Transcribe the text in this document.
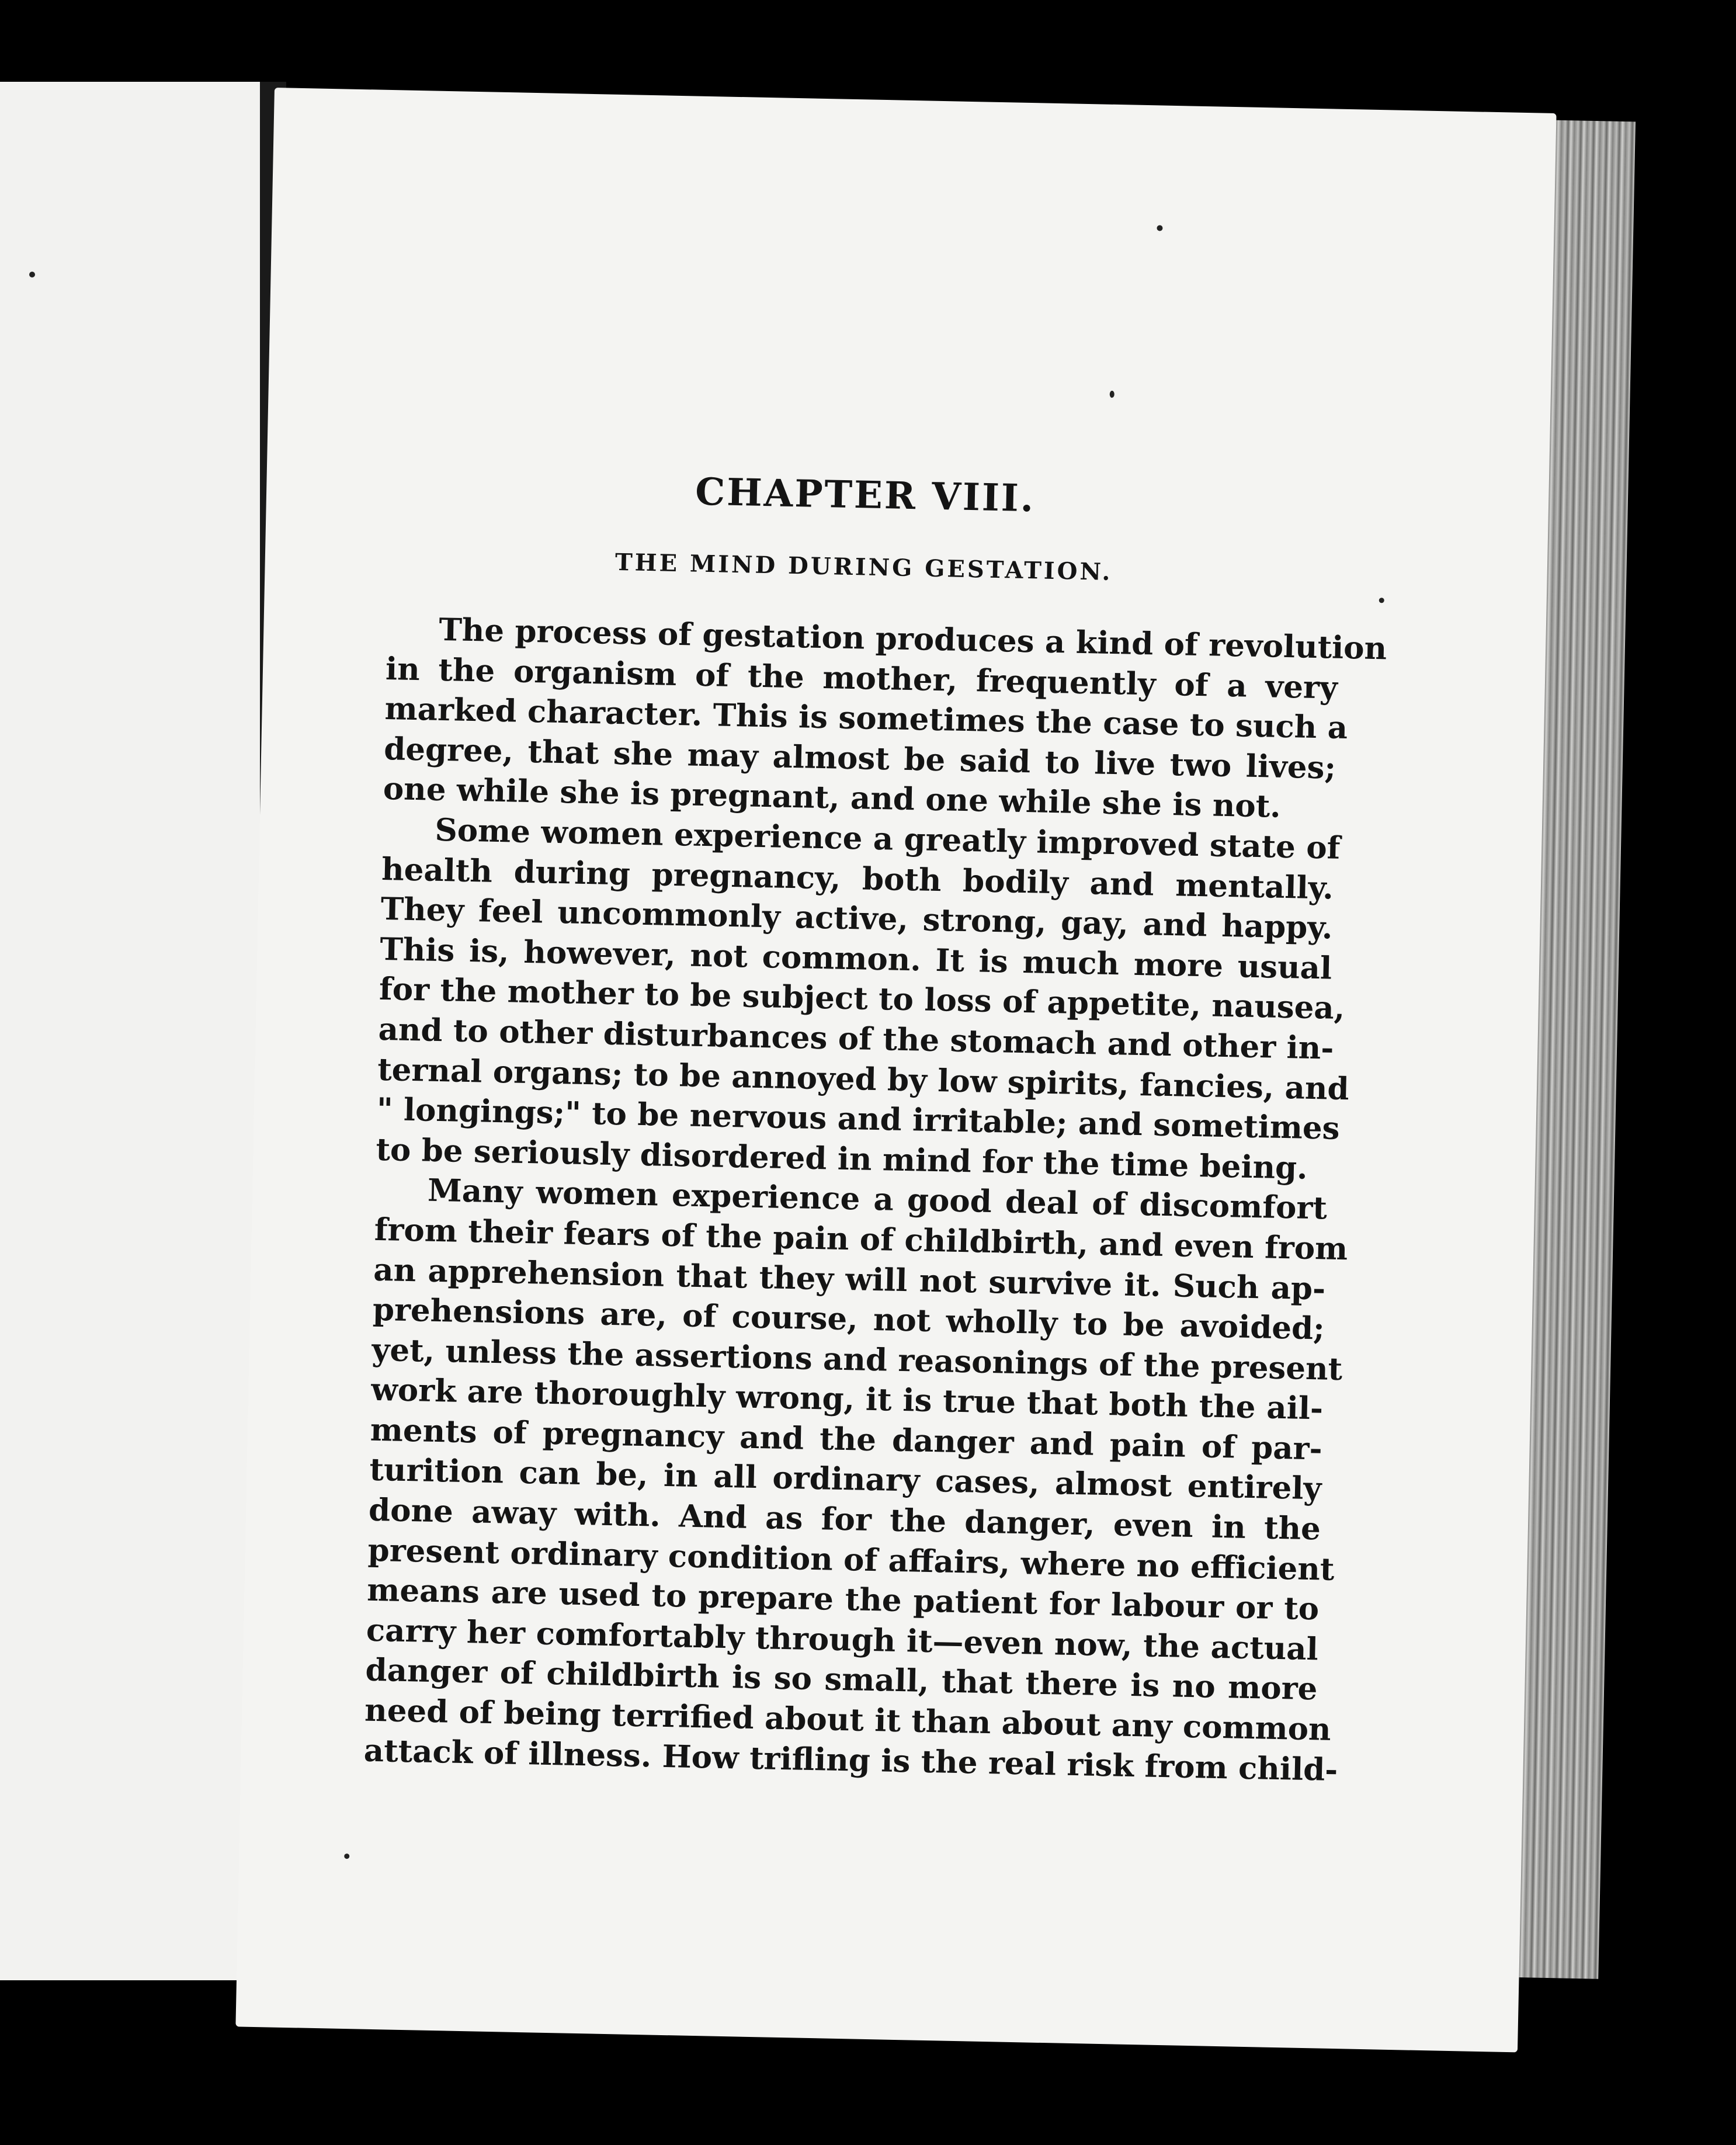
CHAPTER VIII.
THE MIND DURING GESTATION.

The process of gestation produces a kind of revolution
in the organism of the mother, frequently of a very
marked character. This is sometimes the case to such a
degree, that she may almost be said to live two lives;
one while she is pregnant, and one while she is not.

Some women experience a greatly improved state of
health during pregnancy, both bodily and mentally.
They feel uncommonly active, strong, gay, and happy.
This is, however, not common. It is much more usual
for the mother to be subject to loss of appetite, nausea,
and to other disturbances of the stomach and other in-
ternal organs; to be annoyed by low spirits, fancies, and
" longings;" to be nervous and irritable; and sometimes
to be seriously disordered in mind for the time being.

Many women experience a good deal of discomfort
from their fears of the pain of childbirth, and even from
an apprehension that they will not survive it. Such ap-
prehensions are, of course, not wholly to be avoided;
yet, unless the assertions and reasonings of the present
work are thoroughly wrong, it is true that both the ail-
ments of pregnancy and the danger and pain of par-
turition can be, in all ordinary cases, almost entirely
done away with. And as for the danger, even in the
present ordinary condition of affairs, where no efficient
means are used to prepare the patient for labour or to
carry her comfortably through it—even now, the actual
danger of childbirth is so small, that there is no more
need of being terrified about it than about any common
attack of illness. How trifling is the real risk from child-
